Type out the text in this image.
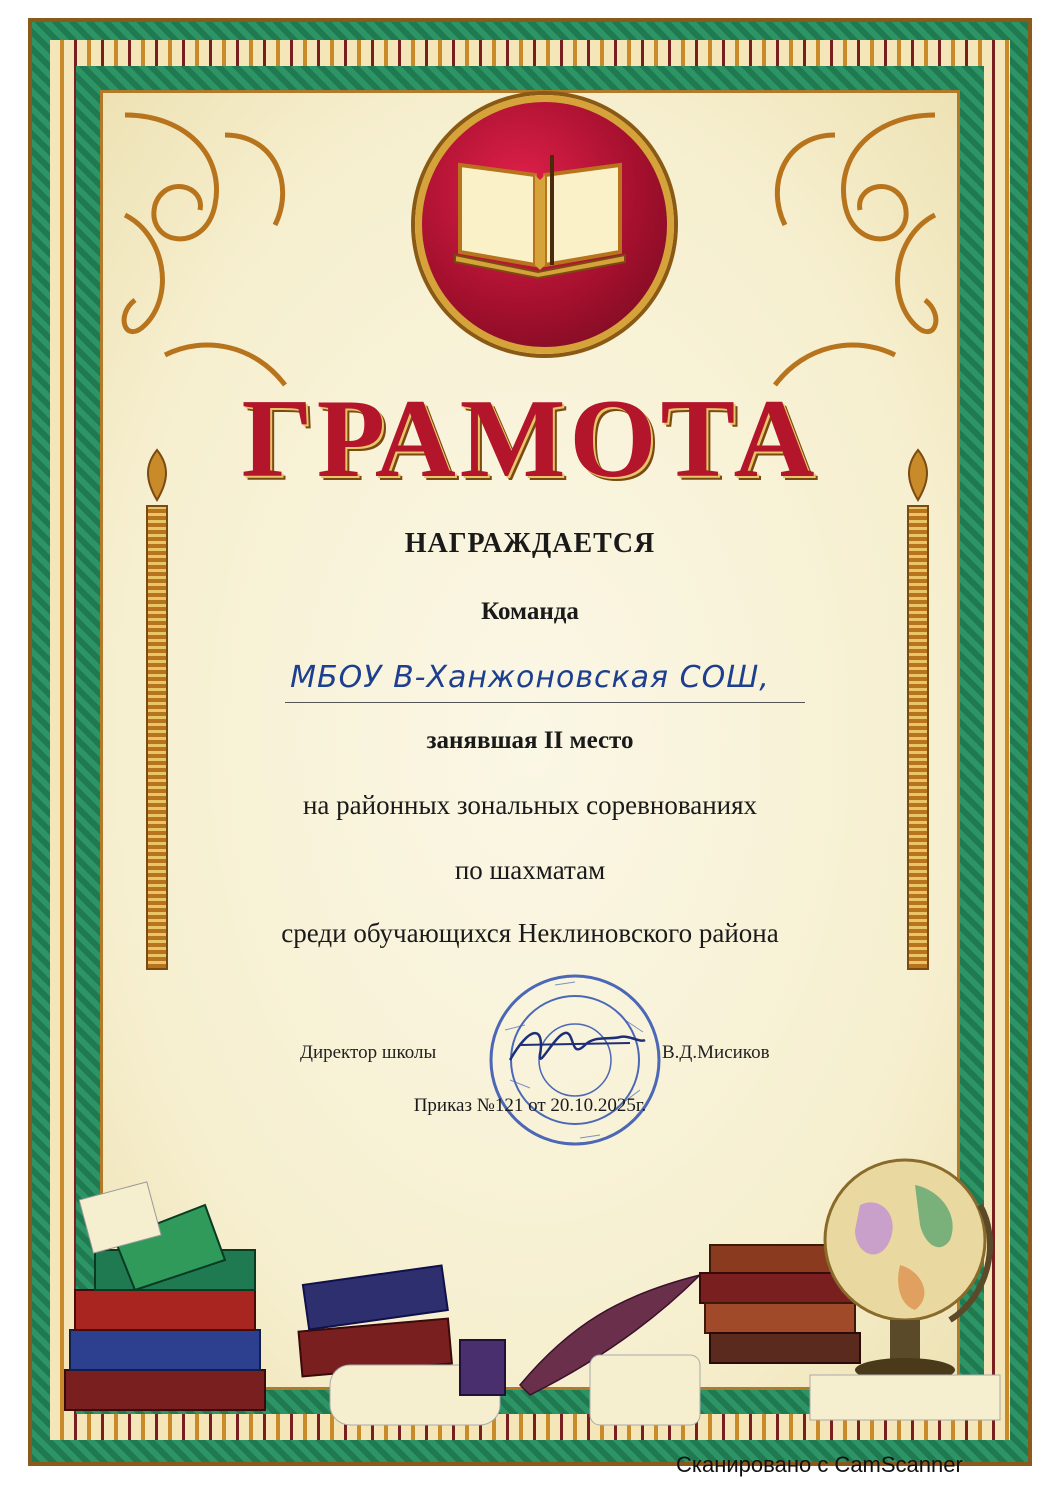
ГРАМОТА
НАГРАЖДАЕТСЯ
Команда
МБОУ В-Ханжоновская СОШ,
занявшая II место
на районных зональных соревнованиях
по шахматам
среди обучающихся Неклиновского района
Директор школы	В.Д.Мисиков
Приказ №121 от 20.10.2025г.
Сканировано с CamScanner
